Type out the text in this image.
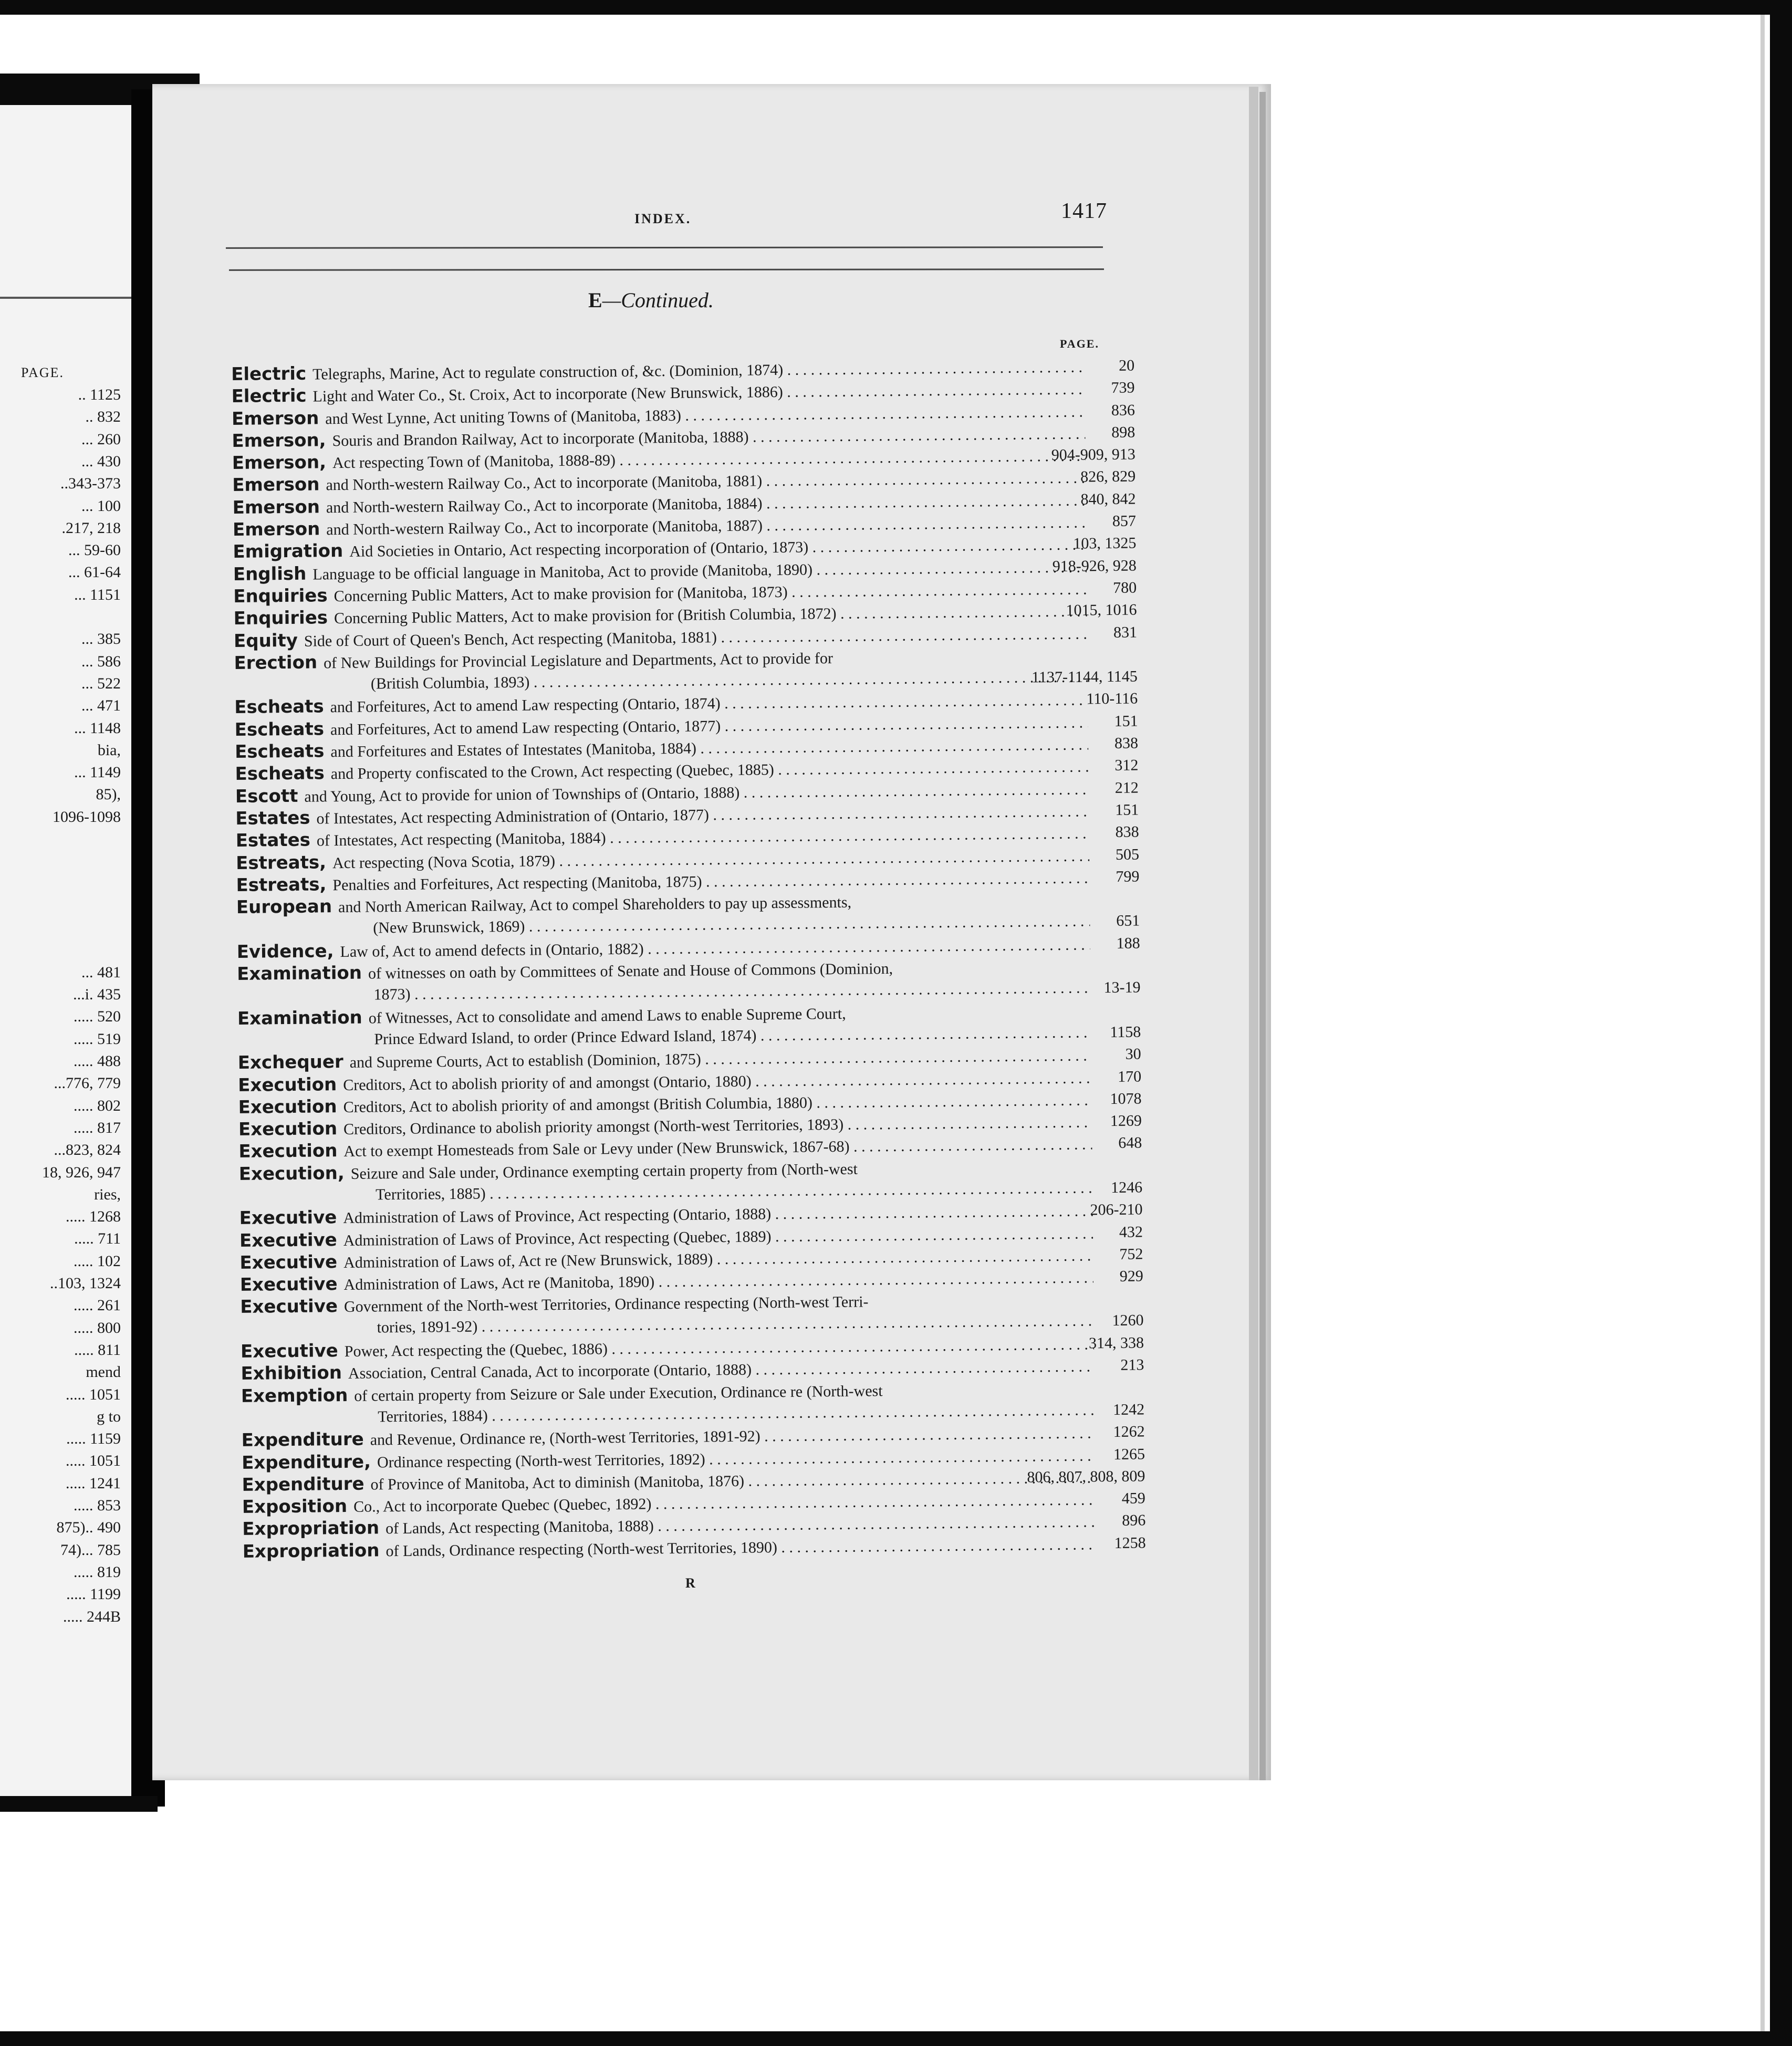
PAGE.
.. 1125
.. 832
... 260
... 430
..343-373
... 100
.217, 218
... 59-60
... 61-64
... 1151
... 385
... 586
... 522
... 471
... 1148
bia,
... 1149
85),
1096-1098
... 481
...i. 435
..... 520
..... 519
..... 488
...776, 779
..... 802
..... 817
...823, 824
18, 926, 947
ries,
..... 1268
..... 711
..... 102
..103, 1324
..... 261
..... 800
..... 811
mend
..... 1051
g to
..... 1159
..... 1051
..... 1241
..... 853
875).. 490
74)... 785
..... 819
..... 1199
..... 244B
INDEX.	1417
E—Continued.
PAGE.
Electric Telegraphs, Marine, Act to regulate construction of, &c. (Dominion, 1874) . . .	20
Electric Light and Water Co., St. Croix, Act to incorporate (New Brunswick, 1886) . . .	739
Emerson and West Lynne, Act uniting Towns of (Manitoba, 1883) . . .	836
Emerson, Souris and Brandon Railway, Act to incorporate (Manitoba, 1888) . . .	898
Emerson, Act respecting Town of (Manitoba, 1888-89) . . .	904-909, 913
Emerson and North-western Railway Co., Act to incorporate (Manitoba, 1881) . . .	826, 829
Emerson and North-western Railway Co., Act to incorporate (Manitoba, 1884) . . .	840, 842
Emerson and North-western Railway Co., Act to incorporate (Manitoba, 1887) . . .	857
Emigration Aid Societies in Ontario, Act respecting incorporation of (Ontario, 1873) . . .	103, 1325
English Language to be official language in Manitoba, Act to provide (Manitoba, 1890) . . .	918-926, 928
Enquiries Concerning Public Matters, Act to make provision for (Manitoba, 1873) . . .	780
Enquiries Concerning Public Matters, Act to make provision for (British Columbia, 1872) . . .	1015, 1016
Equity Side of Court of Queen's Bench, Act respecting (Manitoba, 1881) . . .	831
Erection of New Buildings for Provincial Legislature and Departments, Act to provide for
(British Columbia, 1893) . . .	1137-1144, 1145
Escheats and Forfeitures, Act to amend Law respecting (Ontario, 1874) . . .	110-116
Escheats and Forfeitures, Act to amend Law respecting (Ontario, 1877) . . .	151
Escheats and Forfeitures and Estates of Intestates (Manitoba, 1884) . . .	838
Escheats and Property confiscated to the Crown, Act respecting (Quebec, 1885) . . .	312
Escott and Young, Act to provide for union of Townships of (Ontario, 1888) . . .	212
Estates of Intestates, Act respecting Administration of (Ontario, 1877) . . .	151
Estates of Intestates, Act respecting (Manitoba, 1884) . . .	838
Estreats, Act respecting (Nova Scotia, 1879) . . .	505
Estreats, Penalties and Forfeitures, Act respecting (Manitoba, 1875) . . .	799
European and North American Railway, Act to compel Shareholders to pay up assessments,
(New Brunswick, 1869) . . .	651
Evidence, Law of, Act to amend defects in (Ontario, 1882) . . .	188
Examination of witnesses on oath by Committees of Senate and House of Commons (Dominion,
1873) . . .	13-19
Examination of Witnesses, Act to consolidate and amend Laws to enable Supreme Court,
Prince Edward Island, to order (Prince Edward Island, 1874) . . .	1158
Exchequer and Supreme Courts, Act to establish (Dominion, 1875) . . .	30
Execution Creditors, Act to abolish priority of and amongst (Ontario, 1880) . . .	170
Execution Creditors, Act to abolish priority of and amongst (British Columbia, 1880) . . .	1078
Execution Creditors, Ordinance to abolish priority amongst (North-west Territories, 1893) . . .	1269
Execution Act to exempt Homesteads from Sale or Levy under (New Brunswick, 1867-68) . . .	648
Execution, Seizure and Sale under, Ordinance exempting certain property from (North-west
Territories, 1885) . . .	1246
Executive Administration of Laws of Province, Act respecting (Ontario, 1888) . . .	206-210
Executive Administration of Laws of Province, Act respecting (Quebec, 1889) . . .	432
Executive Administration of Laws of, Act re (New Brunswick, 1889) . . .	752
Executive Administration of Laws, Act re (Manitoba, 1890) . . .	929
Executive Government of the North-west Territories, Ordinance respecting (North-west Terri-
tories, 1891-92) . . .	1260
Executive Power, Act respecting the (Quebec, 1886) . . .	314, 338
Exhibition Association, Central Canada, Act to incorporate (Ontario, 1888) . . .	213
Exemption of certain property from Seizure or Sale under Execution, Ordinance re (North-west
Territories, 1884) . . .	1242
Expenditure and Revenue, Ordinance re, (North-west Territories, 1891-92) . . .	1262
Expenditure, Ordinance respecting (North-west Territories, 1892) . . .	1265
Expenditure of Province of Manitoba, Act to diminish (Manitoba, 1876) . . .	806, 807, 808, 809
Exposition Co., Act to incorporate Quebec (Quebec, 1892) . . .	459
Expropriation of Lands, Act respecting (Manitoba, 1888) . . .	896
Expropriation of Lands, Ordinance respecting (North-west Territories, 1890) . . .	1258
R
